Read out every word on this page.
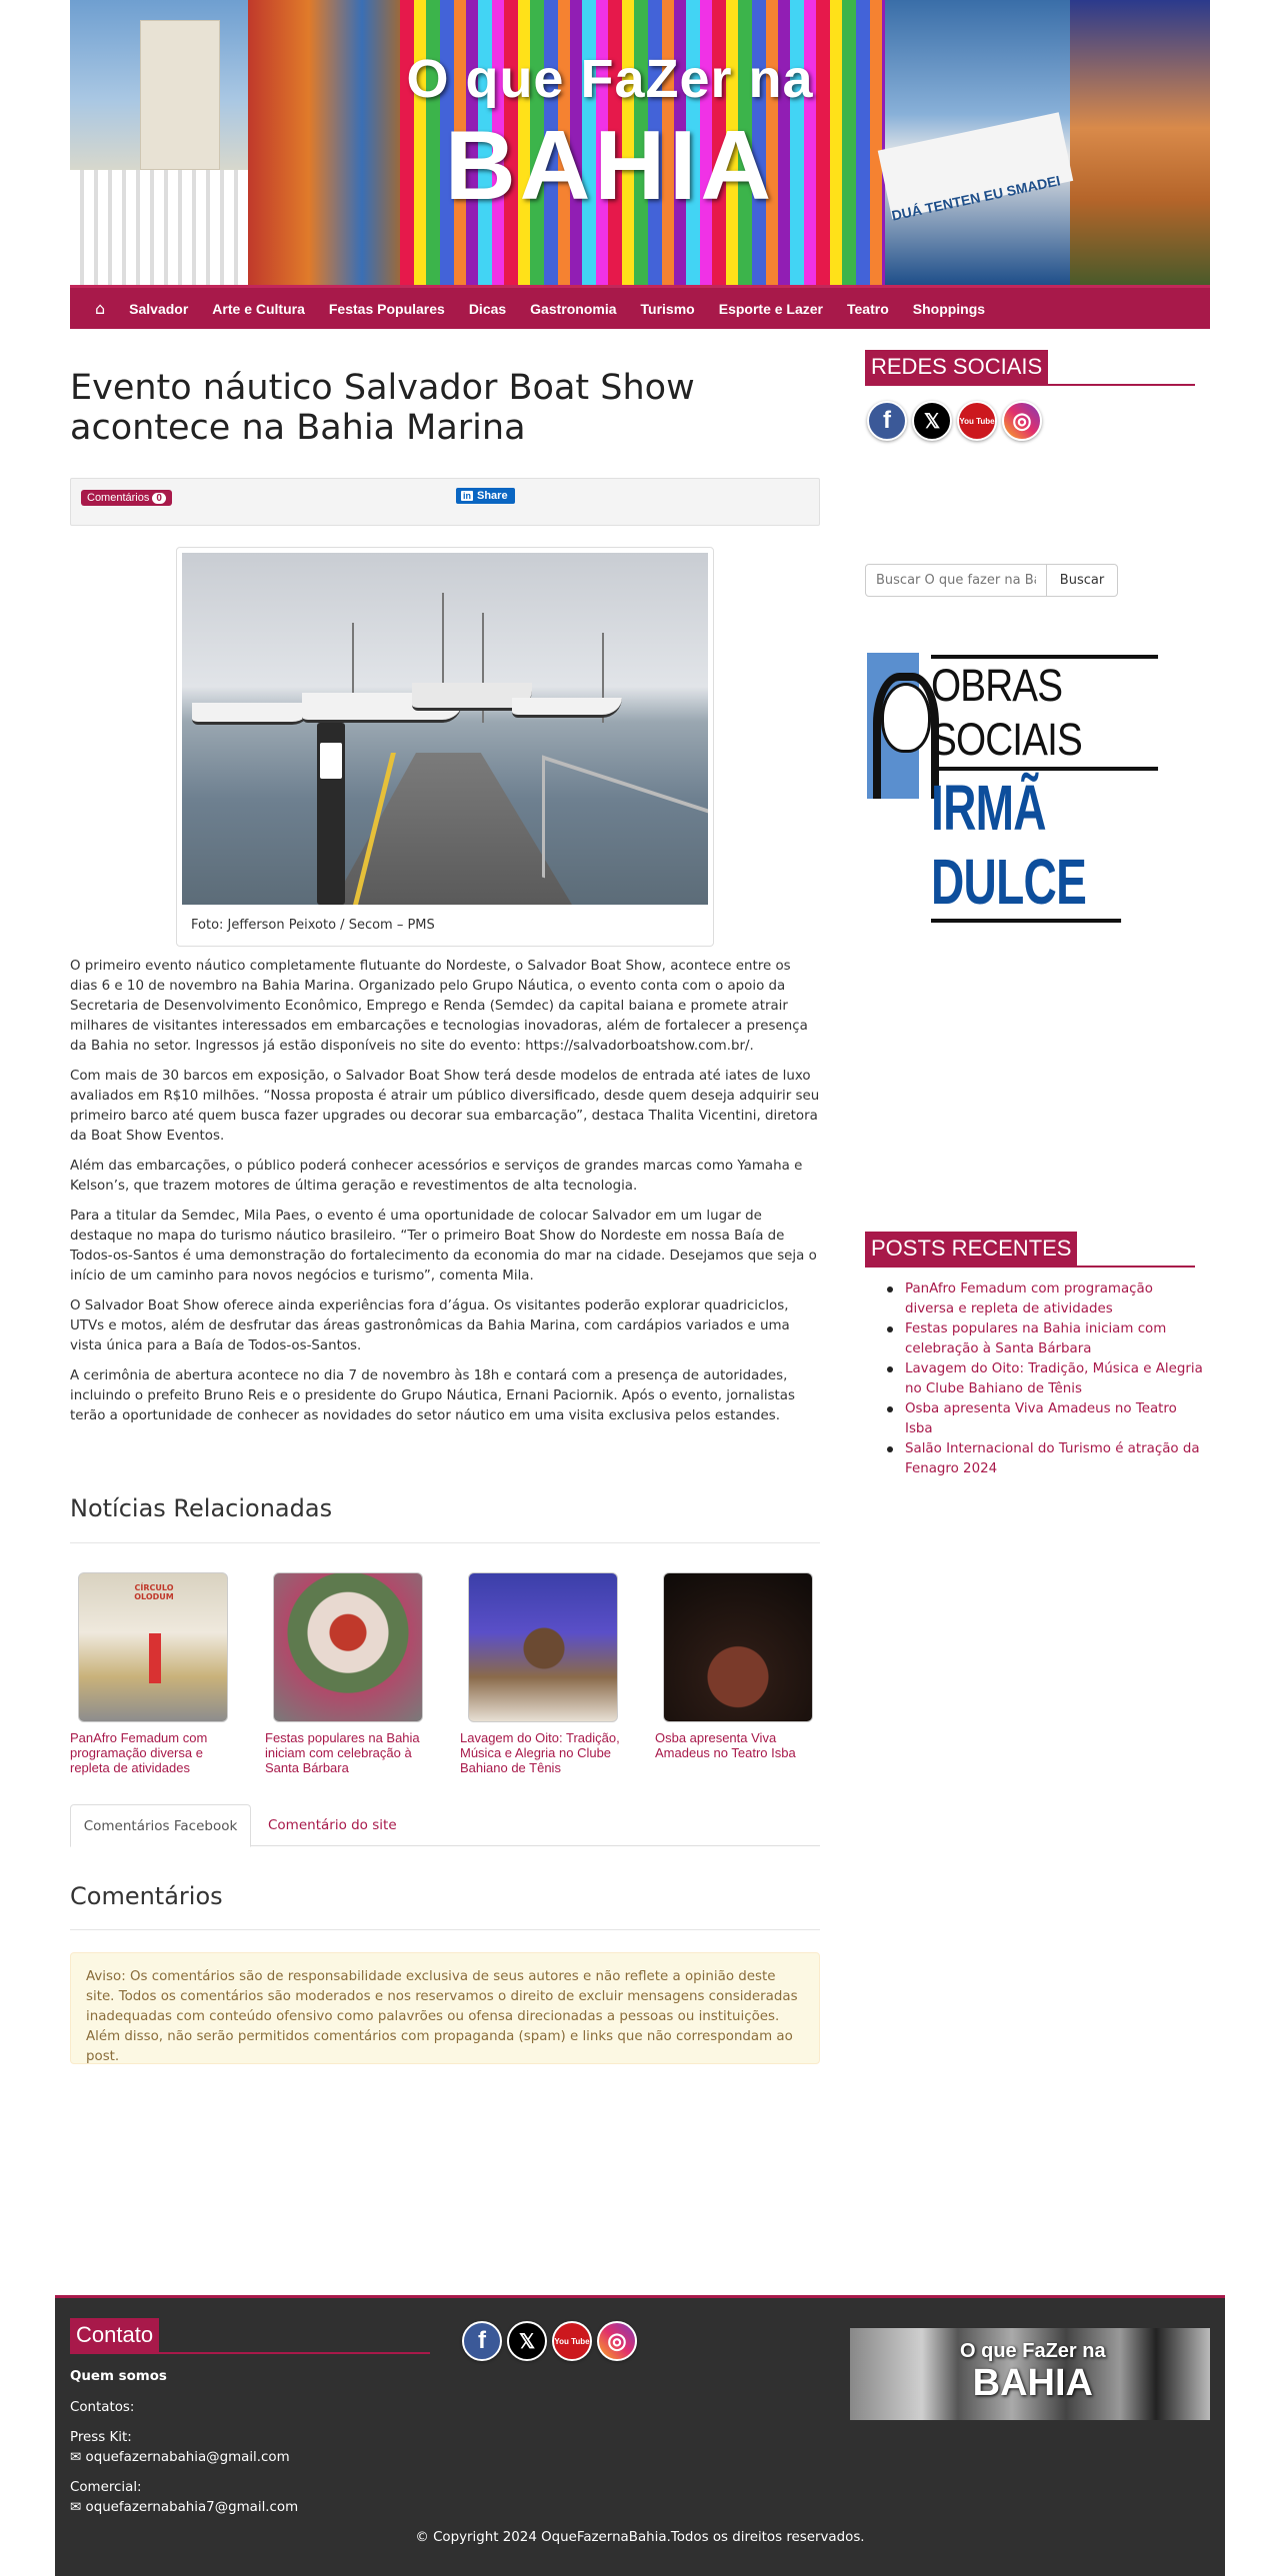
DUÁ TENTEN EU SMADEI
O que FaZer na
BAHIA
⌂ Salvador Arte e Cultura Festas Populares Dicas Gastronomia Turismo Esporte e Lazer Teatro Shoppings
Evento náutico Salvador Boat Show acontece na Bahia Marina
Comentários 0	in Share
Foto: Jefferson Peixoto / Secom – PMS

O primeiro evento náutico completamente flutuante do Nordeste, o Salvador Boat Show, acontece entre os dias 6 e 10 de novembro na Bahia Marina. Organizado pelo Grupo Náutica, o evento conta com o apoio da Secretaria de Desenvolvimento Econômico, Emprego e Renda (Semdec) da capital baiana e promete atrair milhares de visitantes interessados em embarcações e tecnologias inovadoras, além de fortalecer a presença da Bahia no setor. Ingressos já estão disponíveis no site do evento: https://salvadorboatshow.com.br/.

Com mais de 30 barcos em exposição, o Salvador Boat Show terá desde modelos de entrada até iates de luxo avaliados em R$10 milhões. “Nossa proposta é atrair um público diversificado, desde quem deseja adquirir seu primeiro barco até quem busca fazer upgrades ou decorar sua embarcação”, destaca Thalita Vicentini, diretora da Boat Show Eventos.

Além das embarcações, o público poderá conhecer acessórios e serviços de grandes marcas como Yamaha e Kelson’s, que trazem motores de última geração e revestimentos de alta tecnologia.

Para a titular da Semdec, Mila Paes, o evento é uma oportunidade de colocar Salvador em um lugar de destaque no mapa do turismo náutico brasileiro. “Ter o primeiro Boat Show do Nordeste em nossa Baía de Todos-os-Santos é uma demonstração do fortalecimento da economia do mar na cidade. Desejamos que seja o início de um caminho para novos negócios e turismo”, comenta Mila.

O Salvador Boat Show oferece ainda experiências fora d’água. Os visitantes poderão explorar quadriciclos, UTVs e motos, além de desfrutar das áreas gastronômicas da Bahia Marina, com cardápios variados e uma vista única para a Baía de Todos-os-Santos.

A cerimônia de abertura acontece no dia 7 de novembro às 18h e contará com a presença de autoridades, incluindo o prefeito Bruno Reis e o presidente do Grupo Náutica, Ernani Paciornik. Após o evento, jornalistas terão a oportunidade de conhecer as novidades do setor náutico em uma visita exclusiva pelos estandes.

Notícias Relacionadas
CÍRCULO OLODUM
PanAfro Femadum com programação diversa e repleta de atividades
Festas populares na Bahia iniciam com celebração à Santa Bárbara
Lavagem do Oito: Tradição, Música e Alegria no Clube Bahiano de Tênis
Osba apresenta Viva Amadeus no Teatro Isba
Comentários Facebook	Comentário do site
Comentários
Aviso: Os comentários são de responsabilidade exclusiva de seus autores e não reflete a opinião deste site. Todos os comentários são moderados e nos reservamos o direito de excluir mensagens consideradas inadequadas com conteúdo ofensivo como palavrões ou ofensa direcionadas a pessoas ou instituições. Além disso, não serão permitidos comentários com propaganda (spam) e links que não correspondam ao post.
REDES SOCIAIS
f 𝕏 You Tube ◎
Buscar O que fazer na Bahia
Buscar
OBRAS SOCIAIS
IRMÃ DULCE
POSTS RECENTES
PanAfro Femadum com programação diversa e repleta de atividades
Festas populares na Bahia iniciam com celebração à Santa Bárbara
Lavagem do Oito: Tradição, Música e Alegria no Clube Bahiano de Tênis
Osba apresenta Viva Amadeus no Teatro Isba
Salão Internacional do Turismo é atração da Fenagro 2024
Contato
Quem somos
Contatos:
Press Kit:
✉ oquefazernabahia@gmail.com
Comercial:
✉ oquefazernabahia7@gmail.com
f 𝕏 You Tube ◎	O que FaZer na
BAHIA
© Copyright 2024 OqueFazernaBahia.Todos os direitos reservados.
